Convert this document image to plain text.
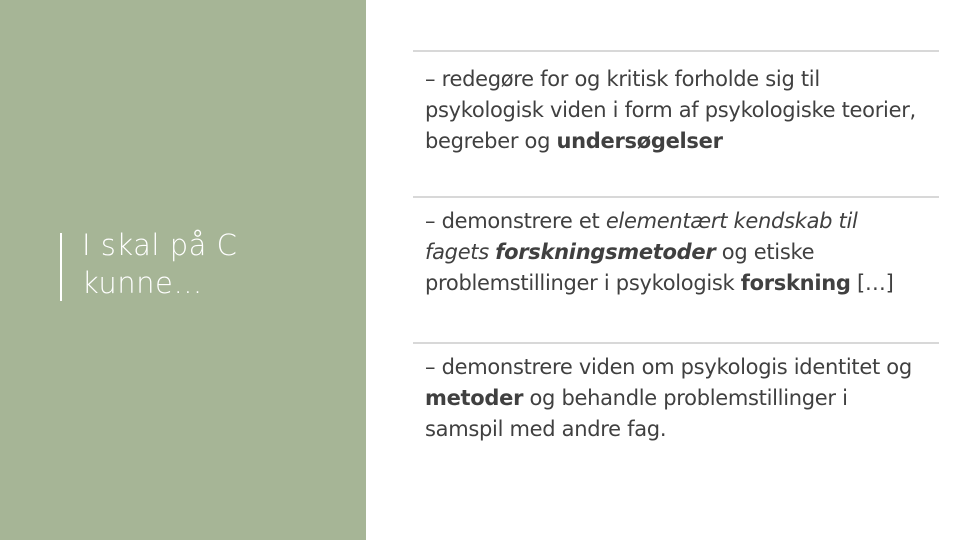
I skal på C
kunne…
– redegøre for og kritisk forholde sig til psykologisk viden i form af psykologiske teorier, begreber og undersøgelser
– demonstrere et elementært kendskab til fagets forskningsmetoder og etiske problemstillinger i psykologisk forskning […]
– demonstrere viden om psykologis identitet og metoder og behandle problemstillinger i samspil med andre fag.
